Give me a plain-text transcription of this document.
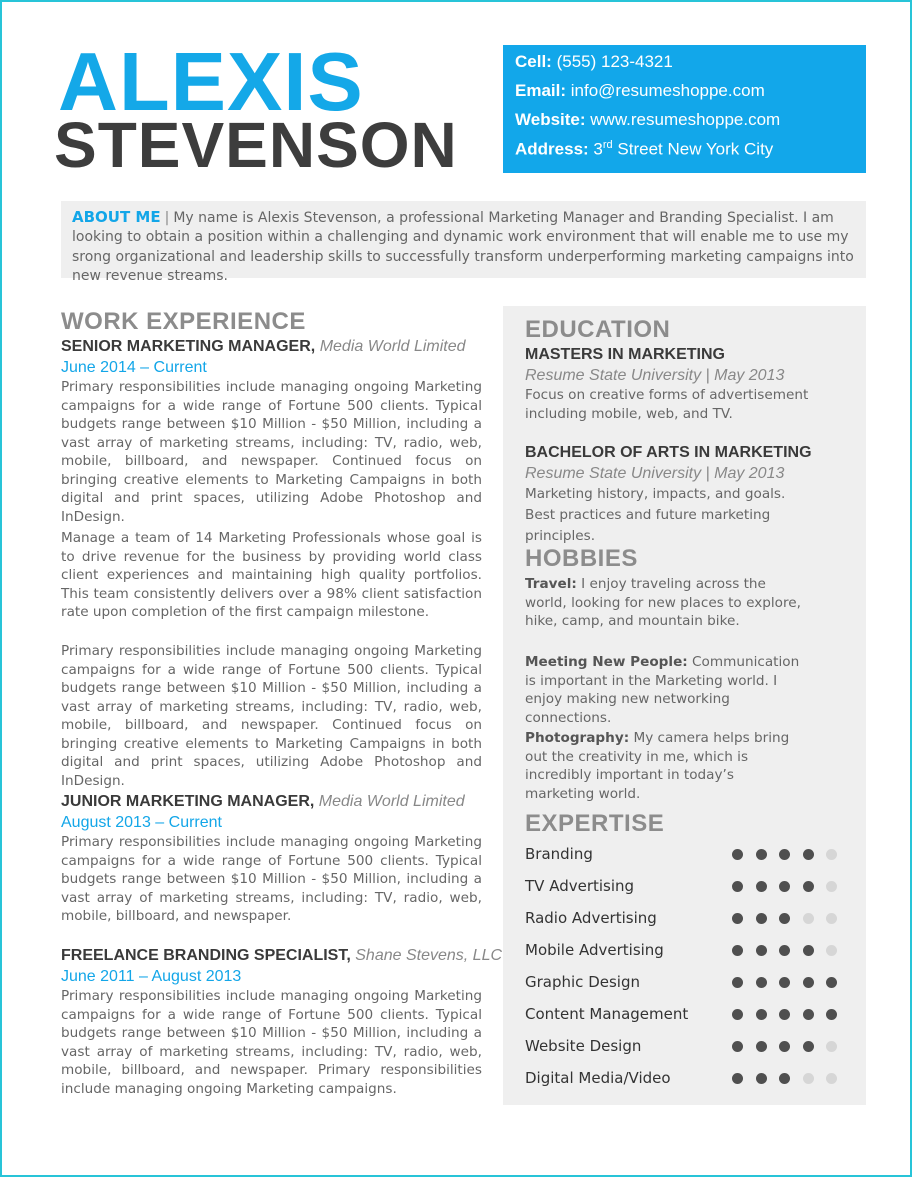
ALEXIS
STEVENSON
Cell: (555) 123-4321
Email: info@resumeshoppe.com
Website: www.resumeshoppe.com
Address: 3rd Street New York City

ABOUT ME | My name is Alexis Stevenson, a professional Marketing Manager and Branding Specialist. I am looking to obtain a position within a challenging and dynamic work environment that will enable me to use my srong organizational and leadership skills to successfully transform underperforming marketing campaigns into new revenue streams.

WORK EXPERIENCE
SENIOR MARKETING MANAGER, Media World Limited
June 2014 – Current

Primary responsibilities include managing ongoing Marketing campaigns for a wide range of Fortune 500 clients. Typical budgets range between $10 Million - $50 Million, including a vast array of marketing streams, including: TV, radio, web, mobile, billboard, and newspaper. Continued focus on bringing creative elements to Marketing Campaigns in both digital and print spaces, utilizing Adobe Photoshop and InDesign.

Manage a team of 14 Marketing Professionals whose goal is to drive revenue for the business by providing world class client experiences and maintaining high quality portfolios. This team consistently delivers over a 98% client satisfaction rate upon completion of the first campaign milestone.

Primary responsibilities include managing ongoing Marketing campaigns for a wide range of Fortune 500 clients. Typical budgets range between $10 Million - $50 Million, including a vast array of marketing streams, including: TV, radio, web, mobile, billboard, and newspaper. Continued focus on bringing creative elements to Marketing Campaigns in both digital and print spaces, utilizing Adobe Photoshop and InDesign.

JUNIOR MARKETING MANAGER, Media World Limited
August 2013 – Current

Primary responsibilities include managing ongoing Marketing campaigns for a wide range of Fortune 500 clients. Typical budgets range between $10 Million - $50 Million, including a vast array of marketing streams, including: TV, radio, web, mobile, billboard, and newspaper.

FREELANCE BRANDING SPECIALIST, Shane Stevens, LLC
June 2011 – August 2013

Primary responsibilities include managing ongoing Marketing campaigns for a wide range of Fortune 500 clients. Typical budgets range between $10 Million - $50 Million, including a vast array of marketing streams, including: TV, radio, web, mobile, billboard, and newspaper. Primary responsibilities include managing ongoing Marketing campaigns.

EDUCATION
MASTERS IN MARKETING
Resume State University | May 2013

Focus on creative forms of advertisement including mobile, web, and TV.

BACHELOR OF ARTS IN MARKETING
Resume State University | May 2013

Marketing history, impacts, and goals. Best practices and future marketing principles.

HOBBIES

Travel: I enjoy traveling across the world, looking for new places to explore, hike, camp, and mountain bike.

Meeting New People: Communication is important in the Marketing world. I enjoy making new networking connections.

Photography: My camera helps bring out the creativity in me, which is incredibly important in today’s marketing world.

EXPERTISE
Branding
TV Advertising
Radio Advertising
Mobile Advertising
Graphic Design
Content Management
Website Design
Digital Media/Video
